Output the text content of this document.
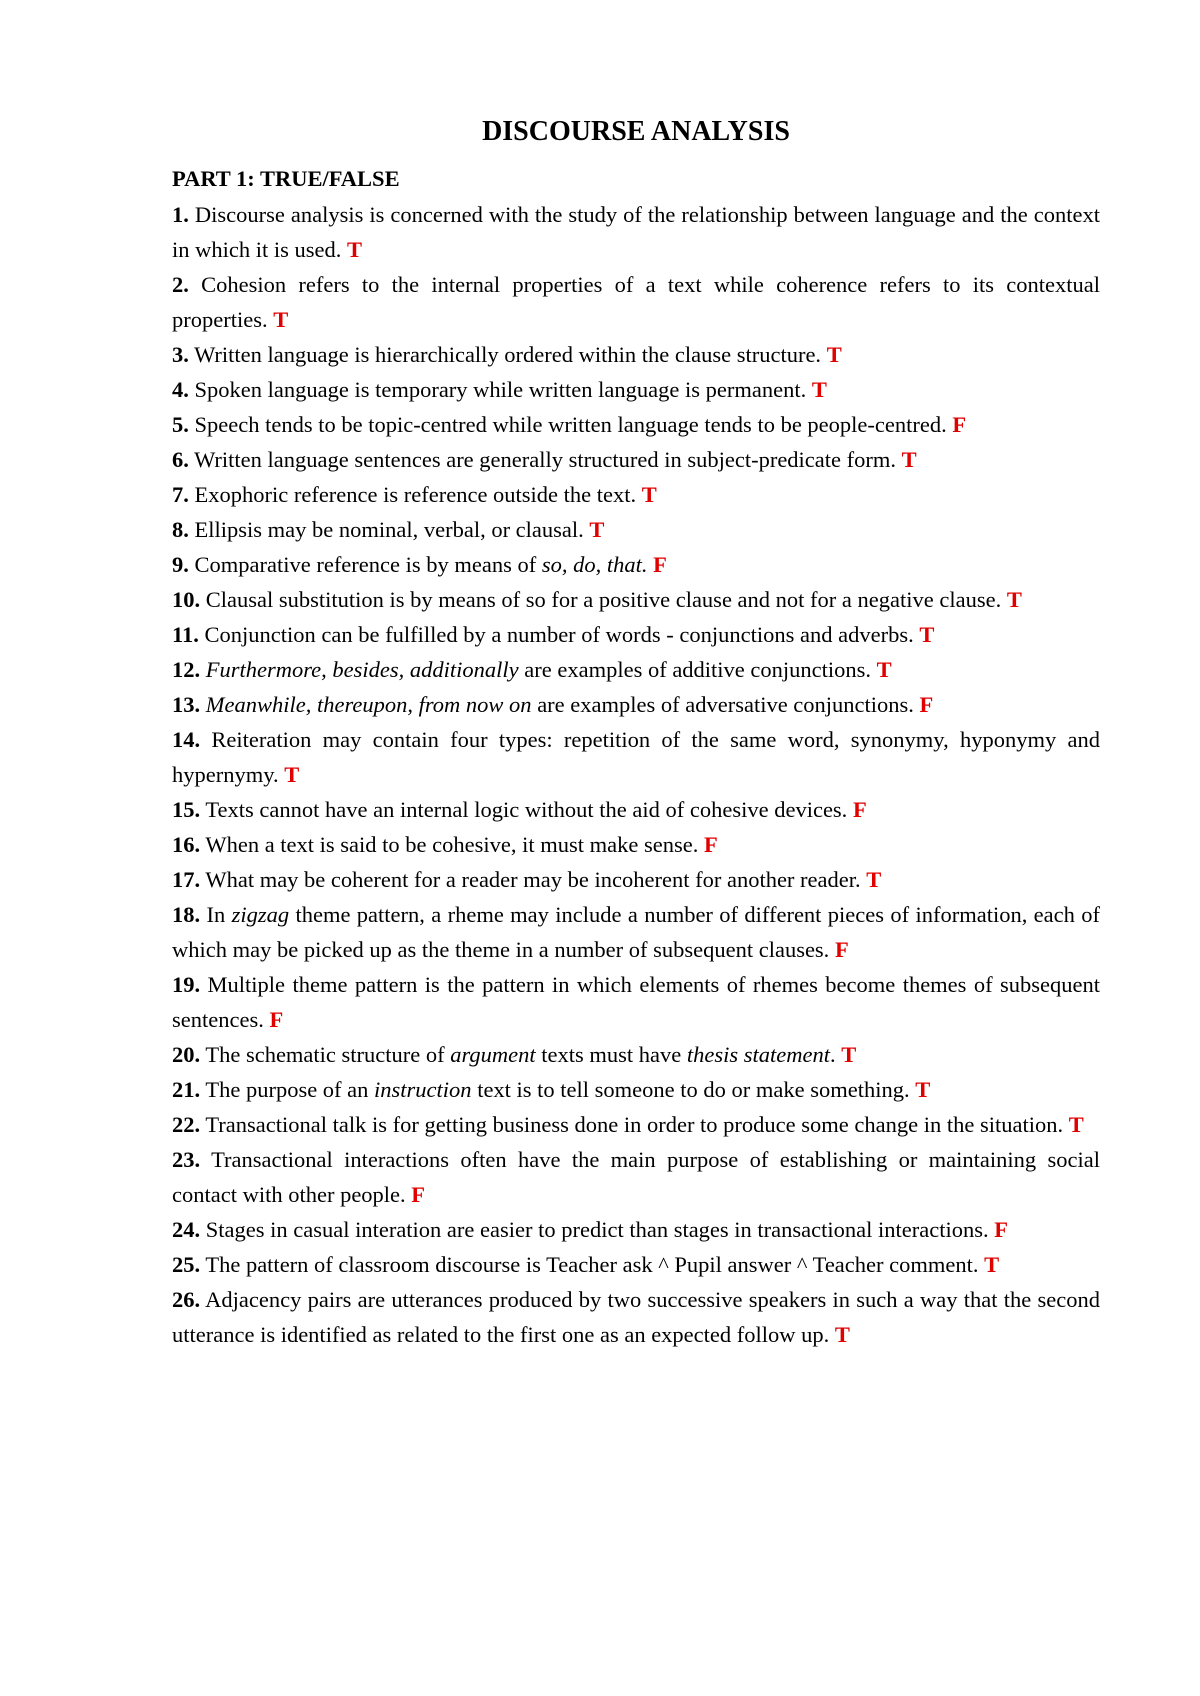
DISCOURSE ANALYSIS
PART 1: TRUE/FALSE

1. Discourse analysis is concerned with the study of the relationship between language and the context in which it is used. T

2. Cohesion refers to the internal properties of a text while coherence refers to its contextual properties. T

3. Written language is hierarchically ordered within the clause structure. T

4. Spoken language is temporary while written language is permanent. T

5. Speech tends to be topic-centred while written language tends to be people-centred. F

6. Written language sentences are generally structured in subject-predicate form. T

7. Exophoric reference is reference outside the text. T

8. Ellipsis may be nominal, verbal, or clausal. T

9. Comparative reference is by means of so, do, that. F

10. Clausal substitution is by means of so for a positive clause and not for a negative clause. T

11. Conjunction can be fulfilled by a number of words - conjunctions and adverbs. T

12. Furthermore, besides, additionally are examples of additive conjunctions. T

13. Meanwhile, thereupon, from now on are examples of adversative conjunctions. F

14. Reiteration may contain four types: repetition of the same word, synonymy, hyponymy and hypernymy. T

15. Texts cannot have an internal logic without the aid of cohesive devices. F

16. When a text is said to be cohesive, it must make sense. F

17. What may be coherent for a reader may be incoherent for another reader. T

18. In zigzag theme pattern, a rheme may include a number of different pieces of information, each of which may be picked up as the theme in a number of subsequent clauses. F

19. Multiple theme pattern is the pattern in which elements of rhemes become themes of subsequent sentences. F

20. The schematic structure of argument texts must have thesis statement. T

21. The purpose of an instruction text is to tell someone to do or make something. T

22. Transactional talk is for getting business done in order to produce some change in the situation. T

23. Transactional interactions often have the main purpose of establishing or maintaining social contact with other people. F

24. Stages in casual interation are easier to predict than stages in transactional interactions. F

25. The pattern of classroom discourse is Teacher ask ^ Pupil answer ^ Teacher comment. T

26. Adjacency pairs are utterances produced by two successive speakers in such a way that the second utterance is identified as related to the first one as an expected follow up. T
